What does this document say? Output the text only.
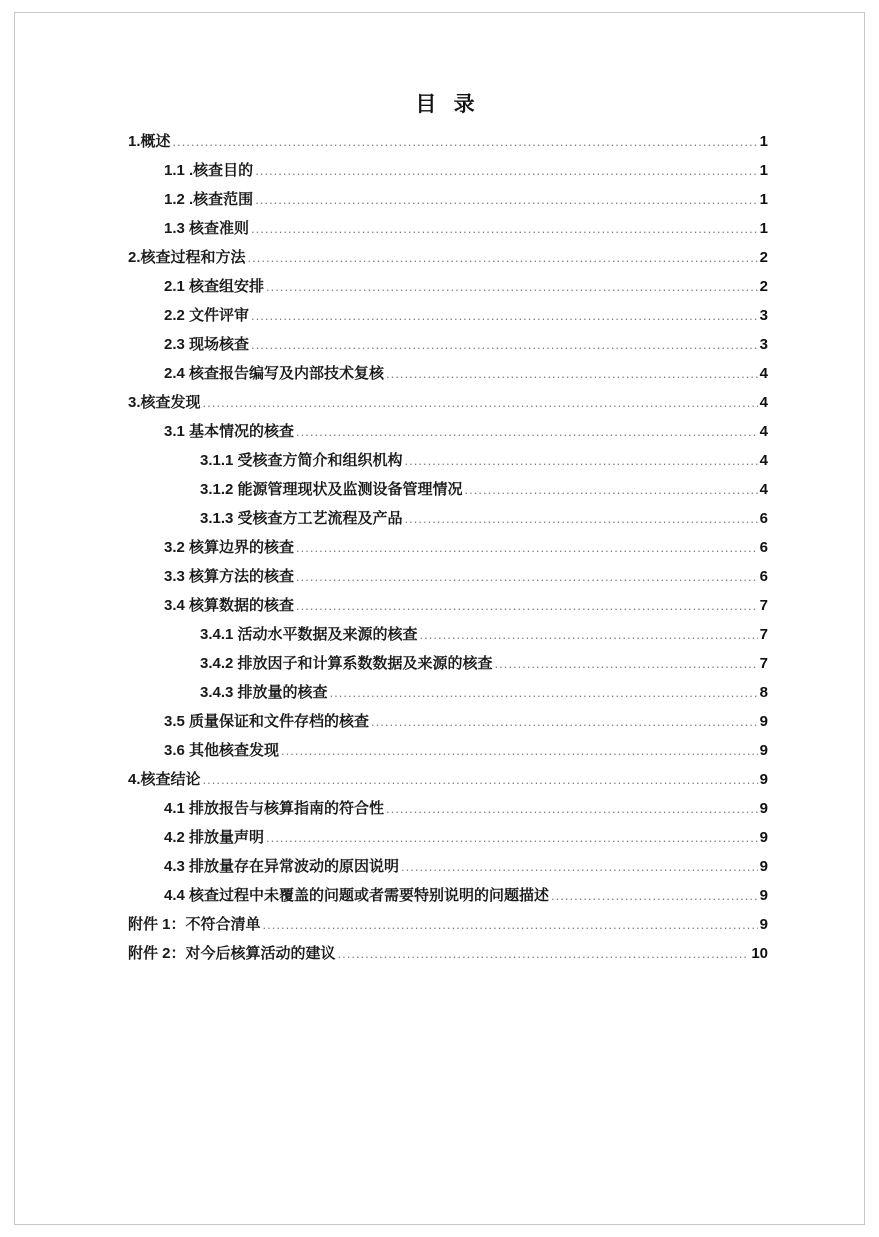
目 录
1.概述 .....	1
1.1 .核查目的 .....	1
1.2 .核查范围 .....	1
1.3 核查准则 .....	1
2.核查过程和方法 .....	2
2.1 核查组安排 .....	2
2.2 文件评审 .....	3
2.3 现场核查 .....	3
2.4 核查报告编写及内部技术复核 .....	4
3.核查发现 .....	4
3.1 基本情况的核查 .....	4
3.1.1 受核查方简介和组织机构 .....	4
3.1.2 能源管理现状及监测设备管理情况 .....	4
3.1.3 受核查方工艺流程及产品 .....	6
3.2 核算边界的核查 .....	6
3.3 核算方法的核查 .....	6
3.4 核算数据的核查 .....	7
3.4.1 活动水平数据及来源的核查 .....	7
3.4.2 排放因子和计算系数数据及来源的核查 .....	7
3.4.3 排放量的核查 .....	8
3.5 质量保证和文件存档的核查 .....	9
3.6 其他核查发现 .....	9
4.核查结论 .....	9
4.1 排放报告与核算指南的符合性 .....	9
4.2 排放量声明 .....	9
4.3 排放量存在异常波动的原因说明 .....	9
4.4 核查过程中未覆盖的问题或者需要特别说明的问题描述 .....	9
附件 1：不符合清单 .....	9
附件 2：对今后核算活动的建议 .....	10
